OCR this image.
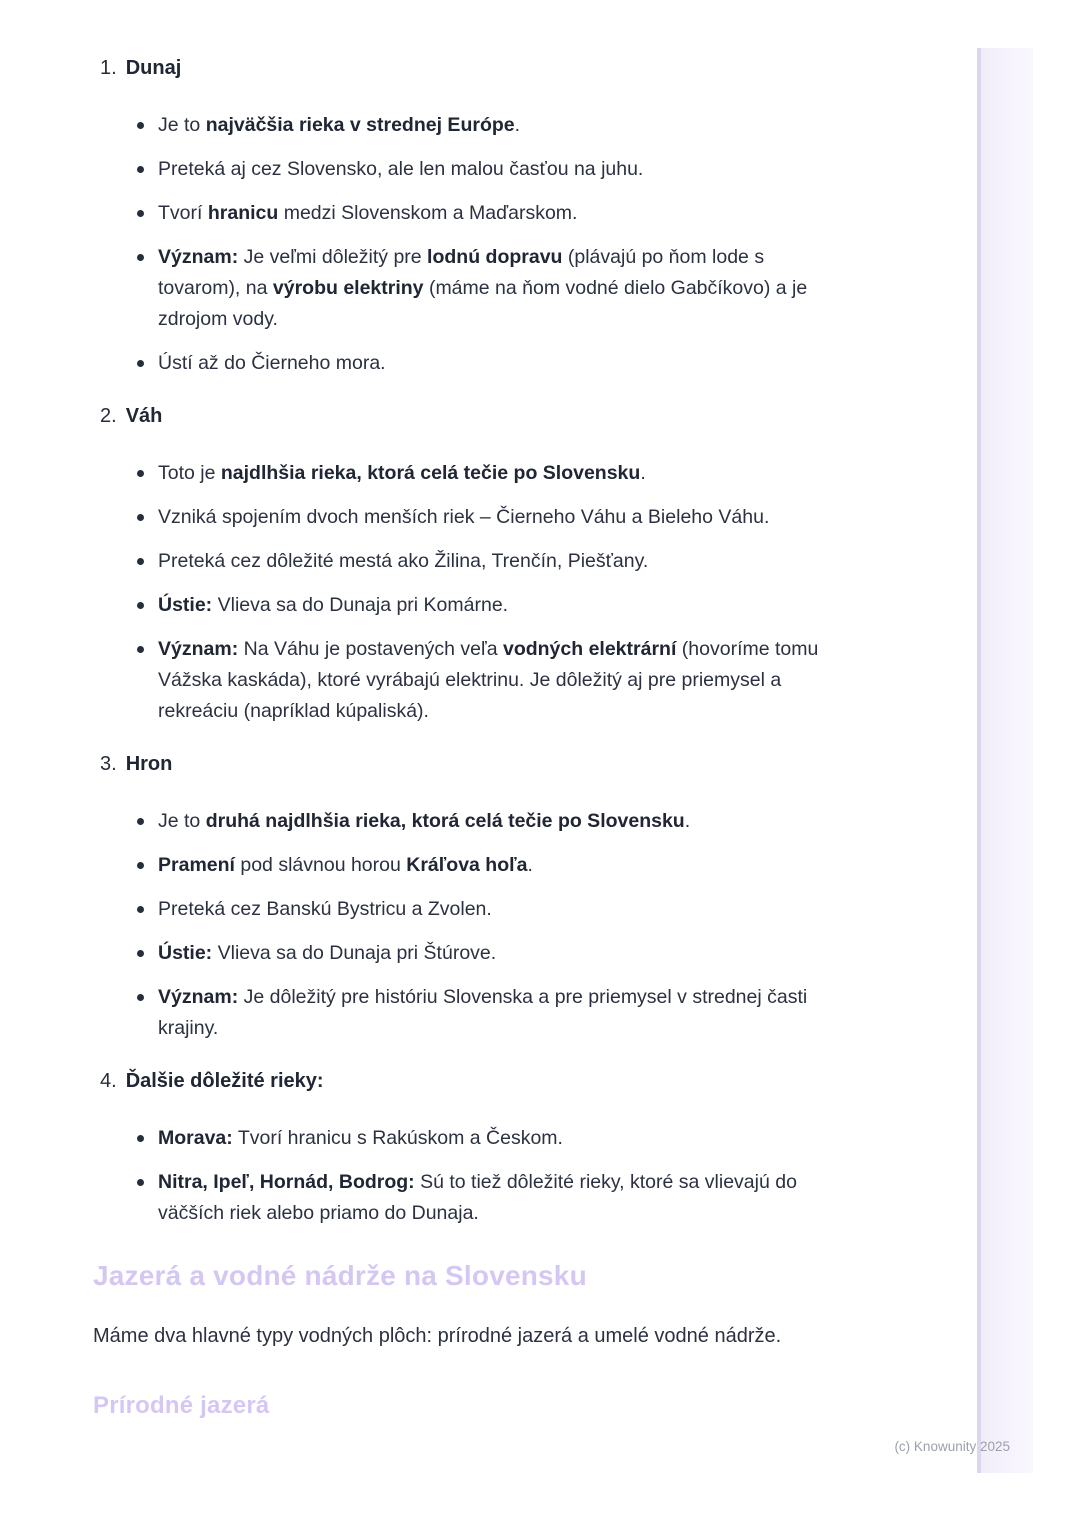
1. Dunaj
Je to najväčšia rieka v strednej Európe.
Preteká aj cez Slovensko, ale len malou časťou na juhu.
Tvorí hranicu medzi Slovenskom a Maďarskom.
Význam: Je veľmi dôležitý pre lodnú dopravu (plávajú po ňom lode s tovarom), na výrobu elektriny (máme na ňom vodné dielo Gabčíkovo) a je zdrojom vody.
Ústí až do Čierneho mora.
2. Váh
Toto je najdlhšia rieka, ktorá celá tečie po Slovensku.
Vzniká spojením dvoch menších riek – Čierneho Váhu a Bieleho Váhu.
Preteká cez dôležité mestá ako Žilina, Trenčín, Piešťany.
Ústie: Vlieva sa do Dunaja pri Komárne.
Význam: Na Váhu je postavených veľa vodných elektrární (hovoríme tomu Vážska kaskáda), ktoré vyrábajú elektrinu. Je dôležitý aj pre priemysel a rekreáciu (napríklad kúpaliská).
3. Hron
Je to druhá najdlhšia rieka, ktorá celá tečie po Slovensku.
Pramení pod slávnou horou Kráľova hoľa.
Preteká cez Banskú Bystricu a Zvolen.
Ústie: Vlieva sa do Dunaja pri Štúrove.
Význam: Je dôležitý pre históriu Slovenska a pre priemysel v strednej časti krajiny.
4. Ďalšie dôležité rieky:
Morava: Tvorí hranicu s Rakúskom a Českom.
Nitra, Ipeľ, Hornád, Bodrog: Sú to tiež dôležité rieky, ktoré sa vlievajú do väčších riek alebo priamo do Dunaja.
Jazerá a vodné nádrže na Slovensku

Máme dva hlavné typy vodných plôch: prírodné jazerá a umelé vodné nádrže.

Prírodné jazerá
(c) Knowunity 2025
